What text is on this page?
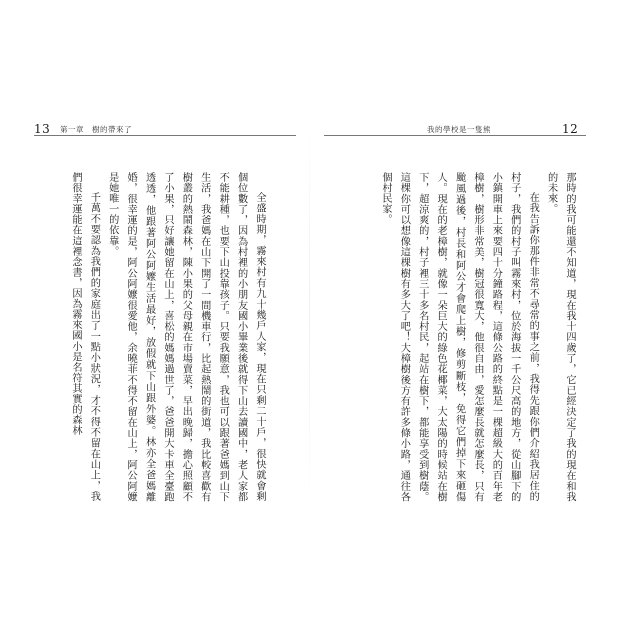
13 第一章　樹的帶來了

全盛時期，霧來村有九十幾戶人家，現在只剩二十戶，很快就會剩個位數了，因為村裡的小朋友國小畢業後就得下山去讀國中，老人家都不能耕種，也要下山投靠孩子。只要我願意，我也可以跟著爸媽到山下生活，我爸媽在山下開了一間機車行，比起熱鬧的街道，我比較喜歡有樹叢的熱鬧森林，陳小果的父母親在市場賣菜，早出晚歸，擔心照顧不了小果，只好讓她留在山上，喜松的媽媽過世了，爸爸開大卡車全臺跑透透，他跟著阿公阿嬤生活最好，放假就下山跟外婆。林亦全爸媽離婚，很幸運的是，阿公阿嬤很愛他，余曉菲不得不留在山上，阿公阿嬤是她唯一的依靠。

千萬不要認為我們的家庭出了一點小狀況，才不得不留在山上，我們很幸運能在這裡念書，因為霧來國小是名符其實的森林

我的學校是一隻熊	12

那時的我可能還不知道，現在我十四歲了，它已經決定了我的現在和我的未來。

在我告訴你那件非常不尋常的事之前，我得先跟你們介紹我居住的村子，我們的村子叫霧來村，位於海拔一千公尺高的地方，從山腳下的小鎮開車上來要四十分鐘路程，這條公路的終點是一棵超級大的百年老樟樹，樹形非常美，樹冠很寬大，他很自由，愛怎麼長就怎麼長，只有颱風過後，村長和阿公才會爬上樹，修剪斷枝，免得它們掉下來砸傷人。現在的老樟樹，就像一朵巨大的綠色花椰菜，大太陽的時候站在樹下，超涼爽的，村子裡三十多名村民，起站在樹下，都能享受到樹蔭。這棵你可以想像這棵樹有多大了吧！大樟樹後方有許多條小路，通往各個村民家。
